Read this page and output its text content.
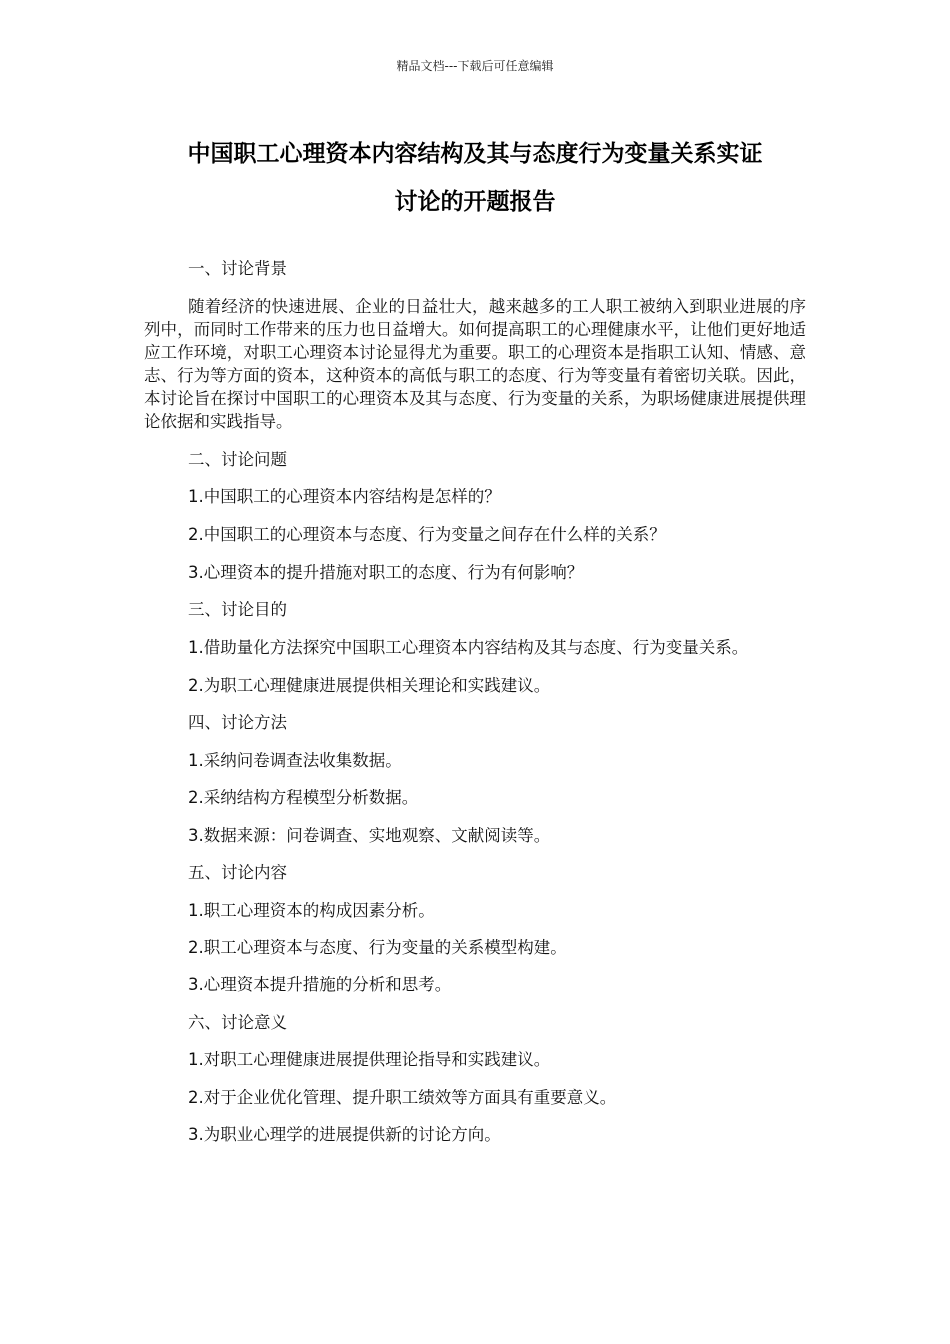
精品文档---下载后可任意编辑
中国职工心理资本内容结构及其与态度行为变量关系实证
讨论的开题报告
一、讨论背景
随着经济的快速进展、企业的日益壮大，越来越多的工人职工被纳入到职业进展的序列中，而同时工作带来的压力也日益增大。如何提高职工的心理健康水平，让他们更好地适应工作环境，对职工心理资本讨论显得尤为重要。职工的心理资本是指职工认知、情感、意志、行为等方面的资本，这种资本的高低与职工的态度、行为等变量有着密切关联。因此，本讨论旨在探讨中国职工的心理资本及其与态度、行为变量的关系，为职场健康进展提供理论依据和实践指导。
二、讨论问题
1.中国职工的心理资本内容结构是怎样的？
2.中国职工的心理资本与态度、行为变量之间存在什么样的关系？
3.心理资本的提升措施对职工的态度、行为有何影响？
三、讨论目的
1.借助量化方法探究中国职工心理资本内容结构及其与态度、行为变量关系。
2.为职工心理健康进展提供相关理论和实践建议。
四、讨论方法
1.采纳问卷调查法收集数据。
2.采纳结构方程模型分析数据。
3.数据来源：问卷调查、实地观察、文献阅读等。
五、讨论内容
1.职工心理资本的构成因素分析。
2.职工心理资本与态度、行为变量的关系模型构建。
3.心理资本提升措施的分析和思考。
六、讨论意义
1.对职工心理健康进展提供理论指导和实践建议。
2.对于企业优化管理、提升职工绩效等方面具有重要意义。
3.为职业心理学的进展提供新的讨论方向。
